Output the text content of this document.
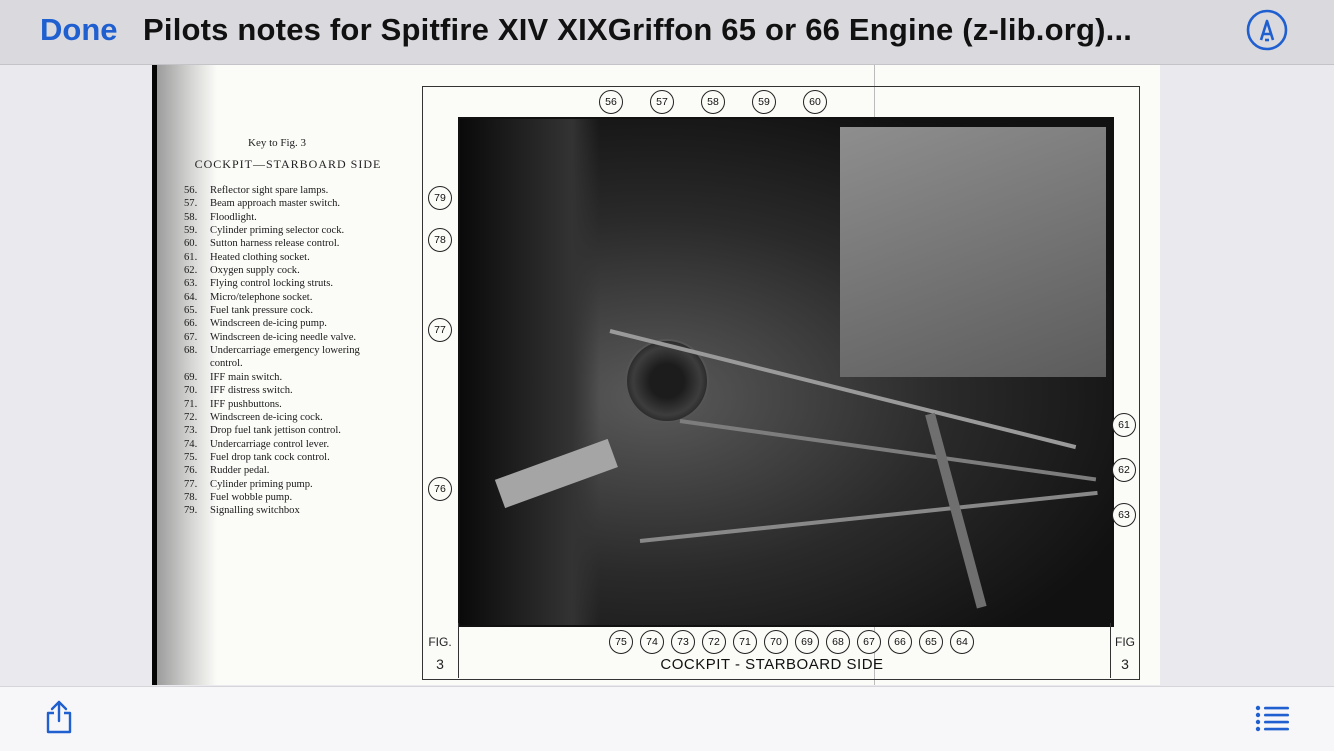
Done Pilots notes for Spitfire XIV XIXGriffon 65 or 66 Engine (z-lib.org)...
Key to Fig. 3
COCKPIT—STARBOARD SIDE
56.	Reflector sight spare lamps.
57.	Beam approach master switch.
58.	Floodlight.
59.	Cylinder priming selector cock.
60.	Sutton harness release control.
61.	Heated clothing socket.
62.	Oxygen supply cock.
63.	Flying control locking struts.
64.	Micro/telephone socket.
65.	Fuel tank pressure cock.
66.	Windscreen de-icing pump.
67.	Windscreen de-icing needle valve.
68.	Undercarriage emergency lowering
control.
69.	IFF main switch.
70.	IFF distress switch.
71.	IFF pushbuttons.
72.	Windscreen de-icing cock.
73.	Drop fuel tank jettison control.
74.	Undercarriage control lever.
75.	Fuel drop tank cock control.
76.	Rudder pedal.
77.	Cylinder priming pump.
78.	Fuel wobble pump.
79.	Signalling switchbox
56	57	58	59	60
79
78
77
76
61
62
63
75	74	73	72	71	70	69	68	67	66	65	64
FIG.
3
FIG
3
COCKPIT - STARBOARD SIDE
